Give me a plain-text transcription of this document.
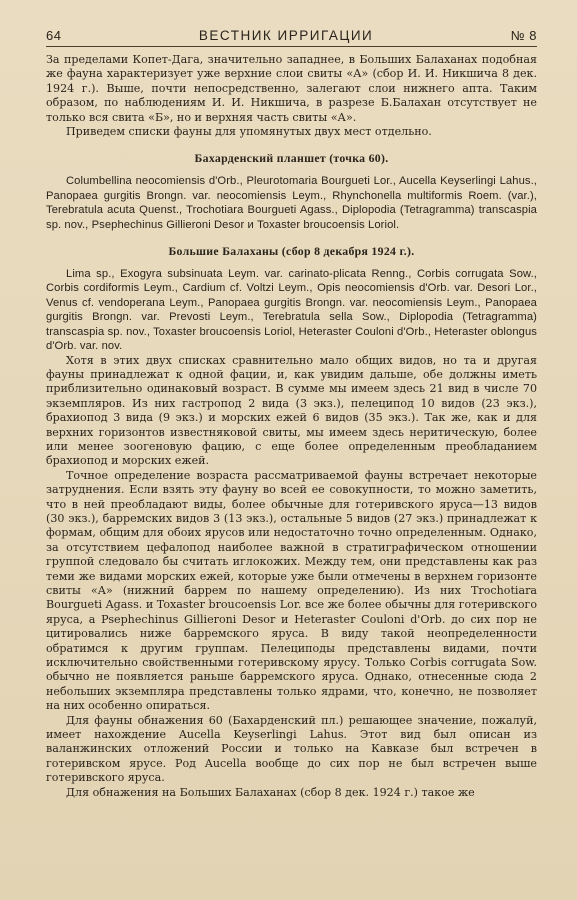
64	ВЕСТНИК ИРРИГАЦИИ	№ 8

За пределами Копет-Дага, значительно западнее, в Больших Балаханах подобная же фауна характеризует уже верхние слои свиты «А» (сбор И. И. Никшича 8 дек. 1924 г.). Выше, почти непосредственно, залегают слои нижнего апта. Таким образом, по наблюдениям И. И. Никшича, в разрезе Б.Балахан отсутствует не только вся свита «Б», но и верхняя часть свиты «А».

Приведем списки фауны для упомянутых двух мест отдельно.

Бахарденский планшет (точка 60).

Columbellina neocomiensis d'Orb., Pleurotomaria Bourgueti Lor., Aucella Keyserlingi Lahus., Panopaea gurgitis Brongn. var. neocomiensis Leym., Rhynchonella multiformis Roem. (var.), Terebratula acuta Quenst., Trochotiara Bourgueti Agass., Diplopodia (Tetragramma) transcaspia sp. nov., Psephechinus Gillieroni Desor и Toxaster broucoensis Loriol.

Большие Балаханы (сбор 8 декабря 1924 г.).

Lima sp., Exogyra subsinuata Leym. var. carinato-plicata Renng., Corbis corrugata Sow., Corbis cordiformis Leym., Cardium cf. Voltzi Leym., Opis neocomiensis d'Orb. var. Desori Lor., Venus cf. vendoperana Leym., Panopaea gurgitis Brongn. var. neocomiensis Leym., Panopaea gurgitis Brongn. var. Prevosti Leym., Terebratula sella Sow., Diplopodia (Tetragramma) transcaspia sp. nov., Toxaster broucoensis Loriol, Heteraster Couloni d'Orb., Heteraster oblongus d'Orb. var. nov.

Хотя в этих двух списках сравнительно мало общих видов, но та и другая фауны принадлежат к одной фации, и, как увидим дальше, обе должны иметь приблизительно одинаковый возраст. В сумме мы имеем здесь 21 вид в числе 70 экземпляров. Из них гастропод 2 вида (3 экз.), пелеципод 10 видов (23 экз.), брахиопод 3 вида (9 экз.) и морских ежей 6 видов (35 экз.). Так же, как и для верхних горизонтов известняковой свиты, мы имеем здесь неритическую, более или менее зоогеновую фацию, с еще более определенным преобладанием брахиопод и морских ежей.

Точное определение возраста рассматриваемой фауны встречает некоторые затруднения. Если взять эту фауну во всей ее совокупности, то можно заметить, что в ней преобладают виды, более обычные для готеривского яруса—13 видов (30 экз.), барремских видов 3 (13 экз.), остальные 5 видов (27 экз.) принадлежат к формам, общим для обоих ярусов или недостаточно точно определенным. Однако, за отсутствием цефалопод наиболее важной в стратиграфическом отношении группой следовало бы считать иглокожих. Между тем, они представлены как раз теми же видами морских ежей, которые уже были отмечены в верхнем горизонте свиты «А» (нижний баррем по нашему определению). Из них Trochotiara Bourgueti Agass. и Toxaster broucoensis Lor. все же более обычны для готеривского яруса, а Psephechinus Gillieroni Desor и Heteraster Couloni d'Orb. до сих пор не цитировались ниже барремского яруса. В виду такой неопределенности обратимся к другим группам. Пелециподы представлены видами, почти исключительно свойственными готеривскому ярусу. Только Corbis corrugata Sow. обычно не появляется раньше барремского яруса. Однако, отнесенные сюда 2 небольших экземпляра представлены только ядрами, что, конечно, не позволяет на них особенно опираться.

Для фауны обнажения 60 (Бахарденский пл.) решающее значение, пожалуй, имеет нахождение Aucella Keyserlingi Lahus. Этот вид был описан из валанжинских отложений России и только на Кавказе был встречен в готеривском ярусе. Род Aucella вообще до сих пор не был встречен выше готеривского яруса.

Для обнажения на Больших Балаханах (сбор 8 дек. 1924 г.) такое же
